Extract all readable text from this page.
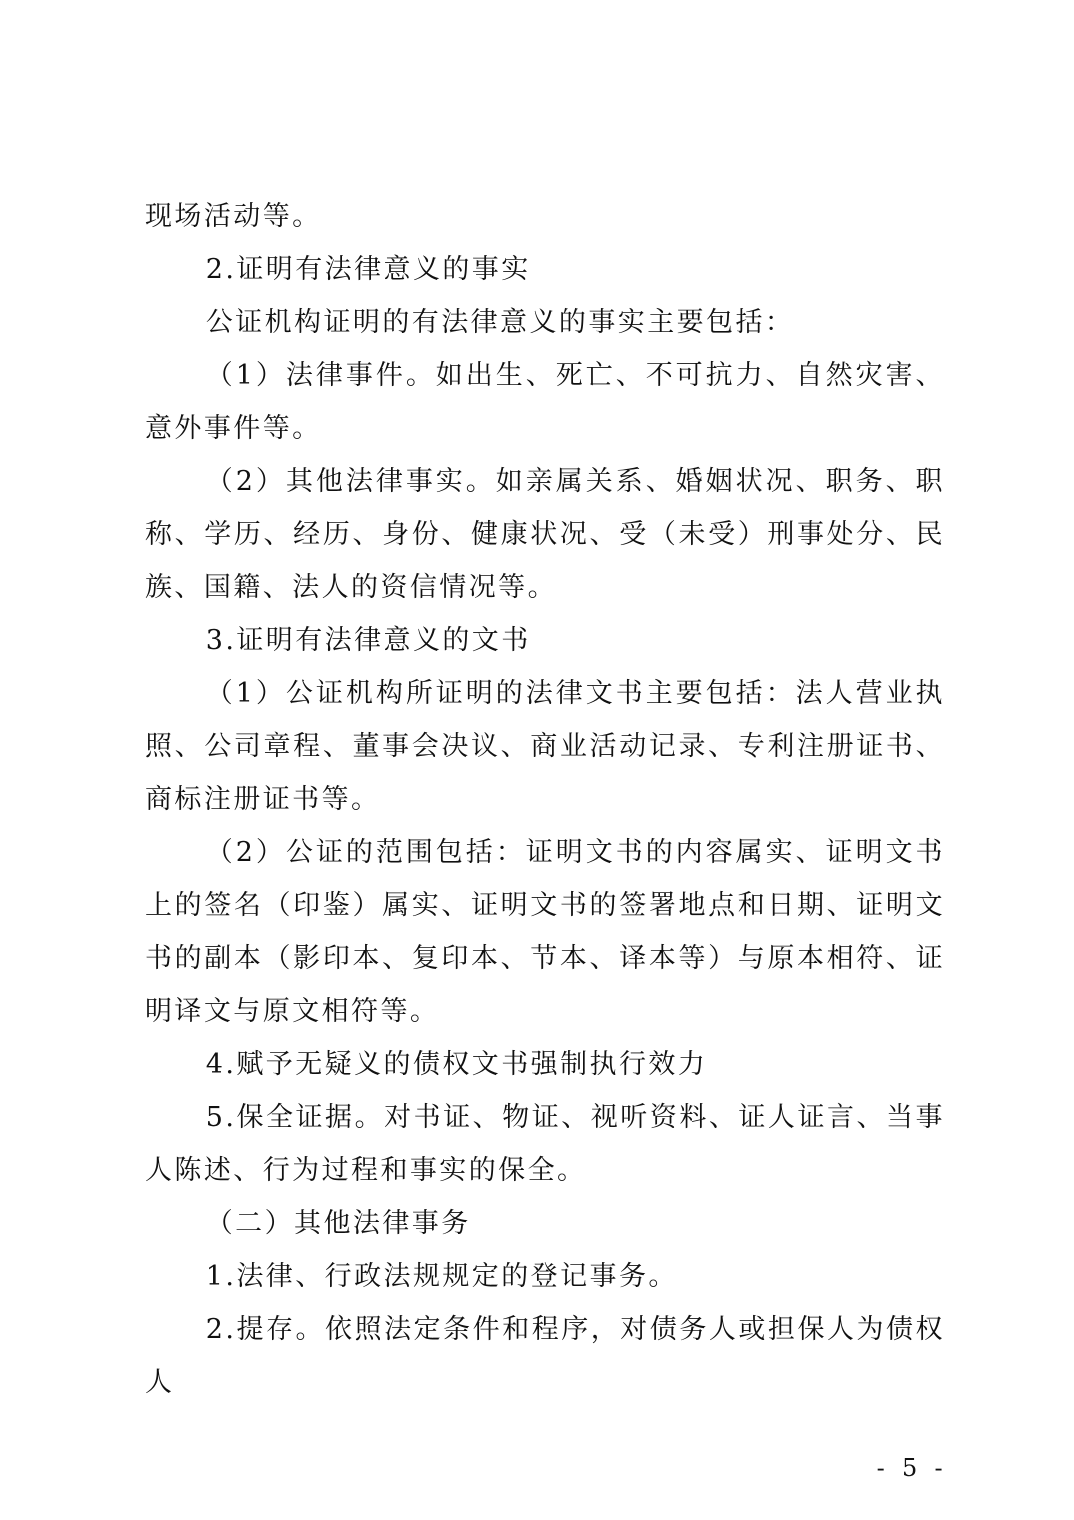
现场活动等。

2.证明有法律意义的事实

公证机构证明的有法律意义的事实主要包括：

（1）法律事件。如出生、死亡、不可抗力、自然灾害、意外事件等。

（2）其他法律事实。如亲属关系、婚姻状况、职务、职称、学历、经历、身份、健康状况、受（未受）刑事处分、民族、国籍、法人的资信情况等。

3.证明有法律意义的文书

（1）公证机构所证明的法律文书主要包括：法人营业执照、公司章程、董事会决议、商业活动记录、专利注册证书、商标注册证书等。

（2）公证的范围包括：证明文书的内容属实、证明文书上的签名（印鉴）属实、证明文书的签署地点和日期、证明文书的副本（影印本、复印本、节本、译本等）与原本相符、证明译文与原文相符等。

4.赋予无疑义的债权文书强制执行效力

5.保全证据。对书证、物证、视听资料、证人证言、当事人陈述、行为过程和事实的保全。

（二）其他法律事务

1.法律、行政法规规定的登记事务。

2.提存。依照法定条件和程序，对债务人或担保人为债权人

- 5 -
